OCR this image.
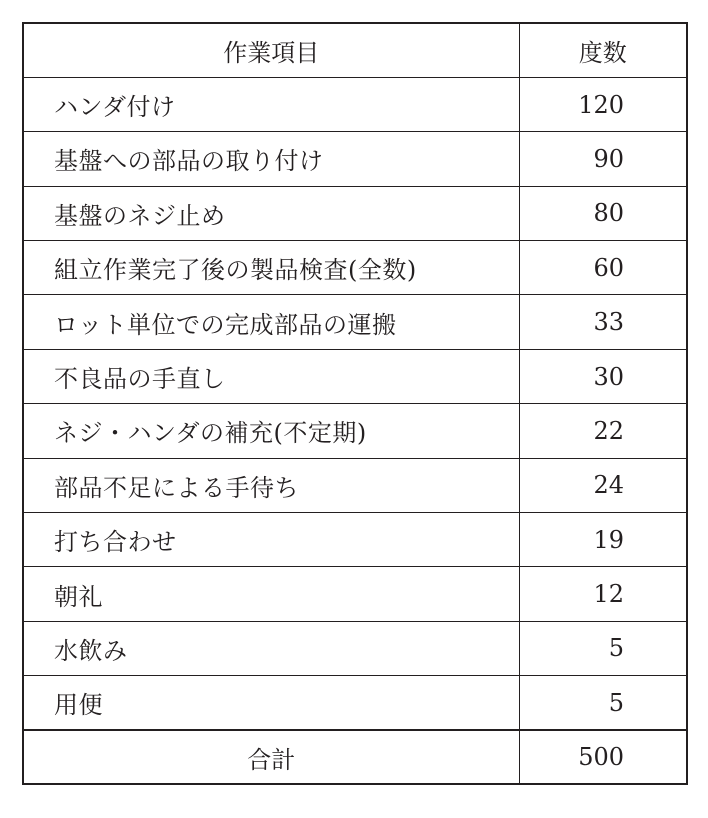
作業項目	度数
ハンダ付け	120
基盤への部品の取り付け	90
基盤のネジ止め	80
組立作業完了後の製品検査(全数)	60
ロット単位での完成部品の運搬	33
不良品の手直し	30
ネジ・ハンダの補充(不定期)	22
部品不足による手待ち	24
打ち合わせ	19
朝礼	12
水飲み	5
用便	5
合計	500
